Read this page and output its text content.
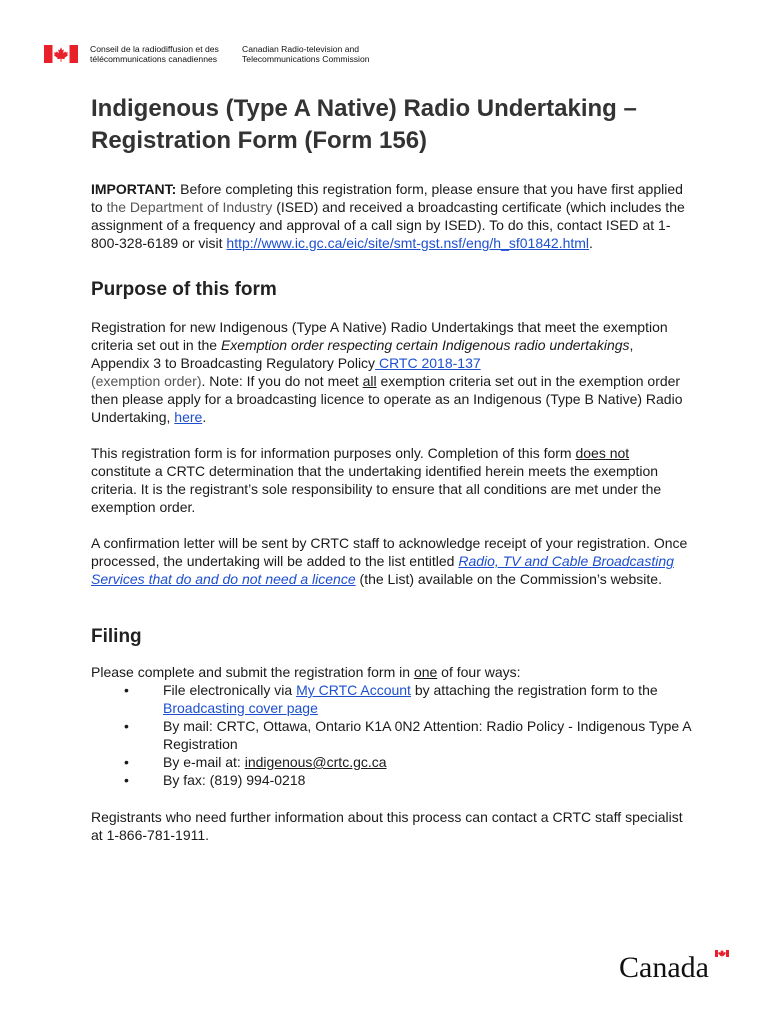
Conseil de la radiodiffusion et des
télécommunications canadiennes
Canadian Radio-television and
Telecommunications Commission
Indigenous (Type A Native) Radio Undertaking –
Registration Form (Form 156)

IMPORTANT: Before completing this registration form, please ensure that you have first applied to the Department of Industry (ISED) and received a broadcasting certificate (which includes the assignment of a frequency and approval of a call sign by ISED). To do this, contact ISED at 1-800-328-6189 or visit http://www.ic.gc.ca/eic/site/smt-gst.nsf/eng/h_sf01842.html.

Purpose of this form

Registration for new Indigenous (Type A Native) Radio Undertakings that meet the exemption criteria set out in the Exemption order respecting certain Indigenous radio undertakings, Appendix 3 to Broadcasting Regulatory Policy CRTC 2018-137
(exemption order). Note: If you do not meet all exemption criteria set out in the exemption order then please apply for a broadcasting licence to operate as an Indigenous (Type B Native) Radio Undertaking, here.

This registration form is for information purposes only. Completion of this form does not constitute a CRTC determination that the undertaking identified herein meets the exemption criteria. It is the registrant’s sole responsibility to ensure that all conditions are met under the exemption order.

A confirmation letter will be sent by CRTC staff to acknowledge receipt of your registration. Once processed, the undertaking will be added to the list entitled Radio, TV and Cable Broadcasting Services that do and do not need a licence (the List) available on the Commission’s website.

Filing

Please complete and submit the registration form in one of four ways:

• File electronically via My CRTC Account by attaching the registration form to the Broadcasting cover page
• By mail: CRTC, Ottawa, Ontario K1A 0N2 Attention: Radio Policy - Indigenous Type A Registration
• By e-mail at: indigenous@crtc.gc.ca
• By fax: (819) 994-0218

Registrants who need further information about this process can contact a CRTC staff specialist at 1-866-781-1911.

Canada
